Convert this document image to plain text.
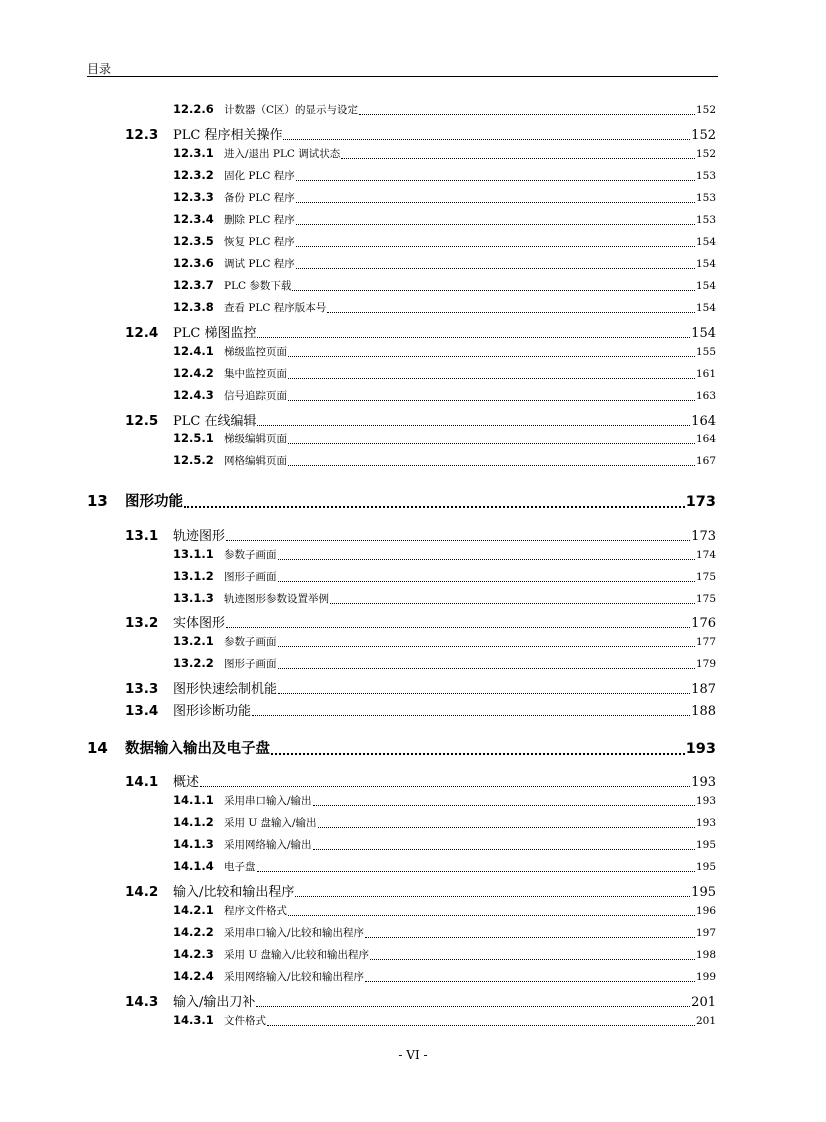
目录
12.2.6 计数器（C区）的显示与设定	152
12.3	PLC 程序相关操作	152
12.3.1 进入/退出 PLC 调试状态	152
12.3.2 固化 PLC 程序	153
12.3.3 备份 PLC 程序	153
12.3.4 删除 PLC 程序	153
12.3.5 恢复 PLC 程序	154
12.3.6 调试 PLC 程序	154
12.3.7 PLC 参数下载	154
12.3.8 查看 PLC 程序版本号	154
12.4	PLC 梯图监控	154
12.4.1 梯级监控页面	155
12.4.2 集中监控页面	161
12.4.3 信号追踪页面	163
12.5	PLC 在线编辑	164
12.5.1 梯级编辑页面	164
12.5.2 网格编辑页面	167
13	图形功能	173
13.1	轨迹图形	173
13.1.1 参数子画面	174
13.1.2 图形子画面	175
13.1.3 轨迹图形参数设置举例	175
13.2	实体图形	176
13.2.1 参数子画面	177
13.2.2 图形子画面	179
13.3	图形快速绘制机能	187
13.4	图形诊断功能	188
14	数据输入输出及电子盘	193
14.1	概述	193
14.1.1 采用串口输入/输出	193
14.1.2 采用 U 盘输入/输出	193
14.1.3 采用网络输入/输出	195
14.1.4 电子盘	195
14.2	输入/比较和输出程序	195
14.2.1 程序文件格式	196
14.2.2 采用串口输入/比较和输出程序	197
14.2.3 采用 U 盘输入/比较和输出程序	198
14.2.4 采用网络输入/比较和输出程序	199
14.3	输入/输出刀补	201
14.3.1 文件格式	201
- VI -
